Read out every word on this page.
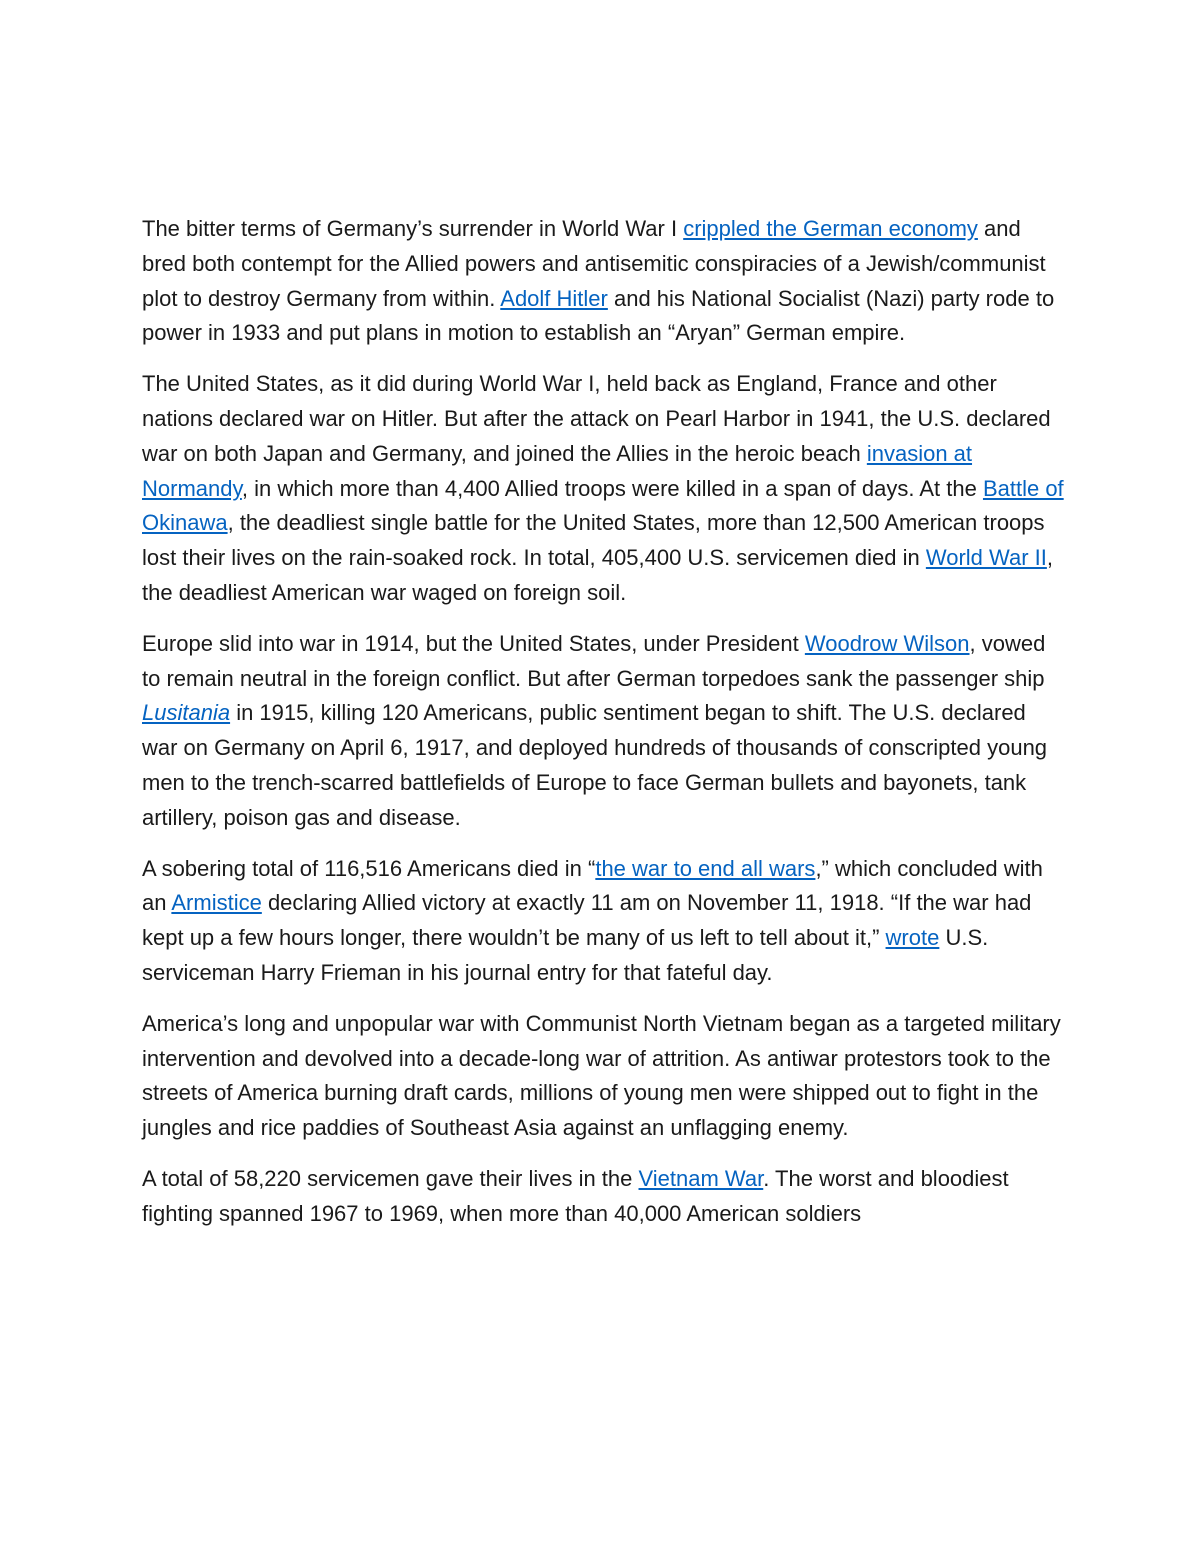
The bitter terms of Germany’s surrender in World War I crippled the German economy and bred both contempt for the Allied powers and antisemitic conspiracies of a Jewish/communist plot to destroy Germany from within. Adolf Hitler and his National Socialist (Nazi) party rode to power in 1933 and put plans in motion to establish an “Aryan” German empire.

The United States, as it did during World War I, held back as England, France and other nations declared war on Hitler. But after the attack on Pearl Harbor in 1941, the U.S. declared war on both Japan and Germany, and joined the Allies in the heroic beach invasion at Normandy, in which more than 4,400 Allied troops were killed in a span of days. At the Battle of Okinawa, the deadliest single battle for the United States, more than 12,500 American troops lost their lives on the rain-soaked rock. In total, 405,400 U.S. servicemen died in World War II, the deadliest American war waged on foreign soil.

Europe slid into war in 1914, but the United States, under President Woodrow Wilson, vowed to remain neutral in the foreign conflict. But after German torpedoes sank the passenger ship Lusitania in 1915, killing 120 Americans, public sentiment began to shift. The U.S. declared war on Germany on April 6, 1917, and deployed hundreds of thousands of conscripted young men to the trench-scarred battlefields of Europe to face German bullets and bayonets, tank artillery, poison gas and disease.

A sobering total of 116,516 Americans died in “the war to end all wars,” which concluded with an Armistice declaring Allied victory at exactly 11 am on November 11, 1918. “If the war had kept up a few hours longer, there wouldn’t be many of us left to tell about it,” wrote U.S. serviceman Harry Frieman in his journal entry for that fateful day.

America’s long and unpopular war with Communist North Vietnam began as a targeted military intervention and devolved into a decade-long war of attrition. As antiwar protestors took to the streets of America burning draft cards, millions of young men were shipped out to fight in the jungles and rice paddies of Southeast Asia against an unflagging enemy.

A total of 58,220 servicemen gave their lives in the Vietnam War. The worst and bloodiest fighting spanned 1967 to 1969, when more than 40,000 American soldiers
